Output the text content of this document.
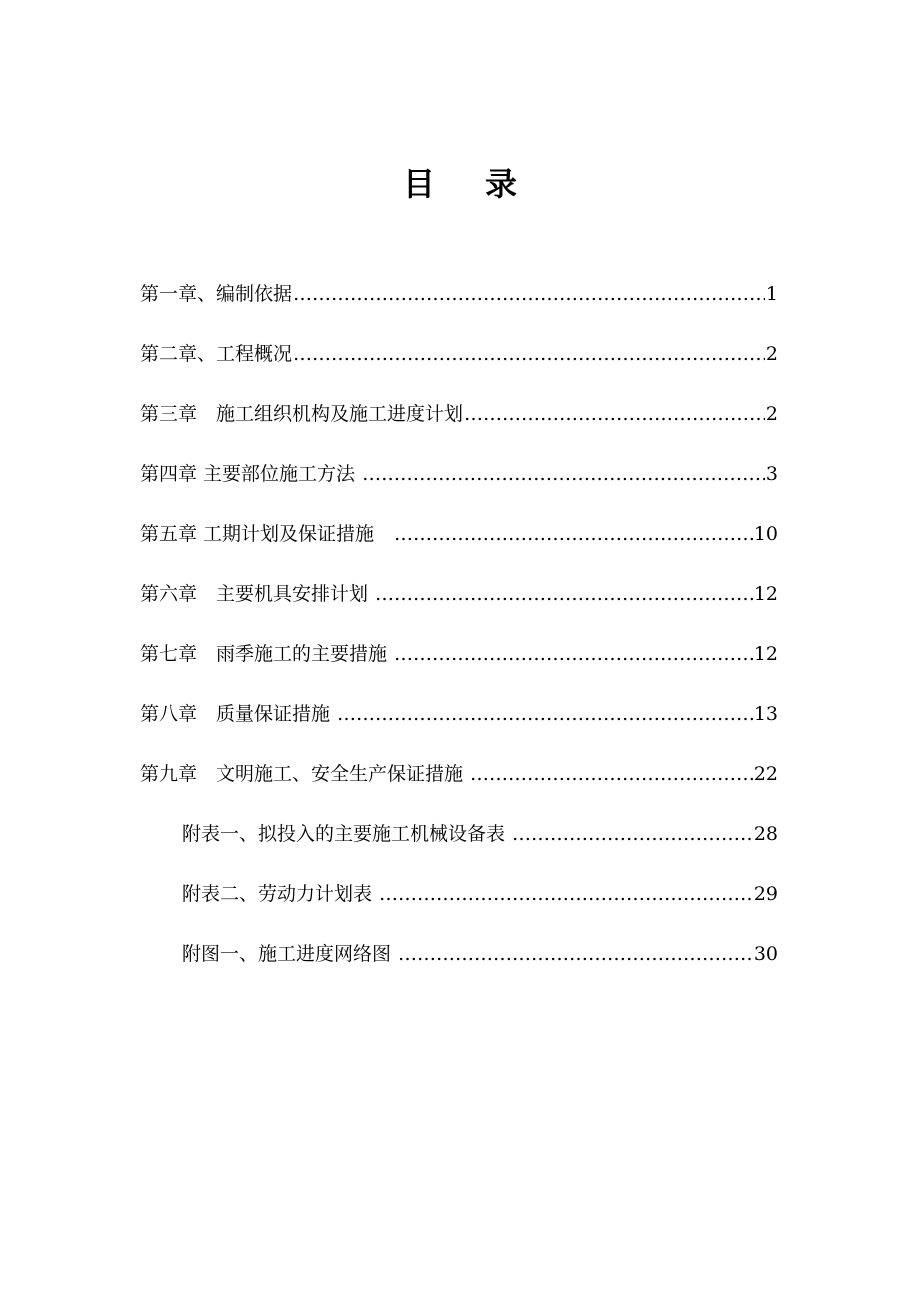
目录
第一章、编制依据 …………………………………………………………………………………………………………………………	1
第二章、工程概况 …………………………………………………………………………………………………………………………	2
第三章　施工组织机构及施工进度计划 …………………………………………………………………………………………………………………………	2
第四章 主要部位施工方法 …………………………………………………………………………………………………………………………	3
第五章 工期计划及保证措施　 …………………………………………………………………………………………………………………………	10
第六章　主要机具安排计划 …………………………………………………………………………………………………………………………	12
第七章　雨季施工的主要措施 …………………………………………………………………………………………………………………………	12
第八章　质量保证措施 …………………………………………………………………………………………………………………………	13
第九章　文明施工、安全生产保证措施 …………………………………………………………………………………………………………………………	22
附表一、拟投入的主要施工机械设备表 …………………………………………………………………………………………………………………………	28
附表二、劳动力计划表 …………………………………………………………………………………………………………………………	29
附图一、施工进度网络图 …………………………………………………………………………………………………………………………	30
